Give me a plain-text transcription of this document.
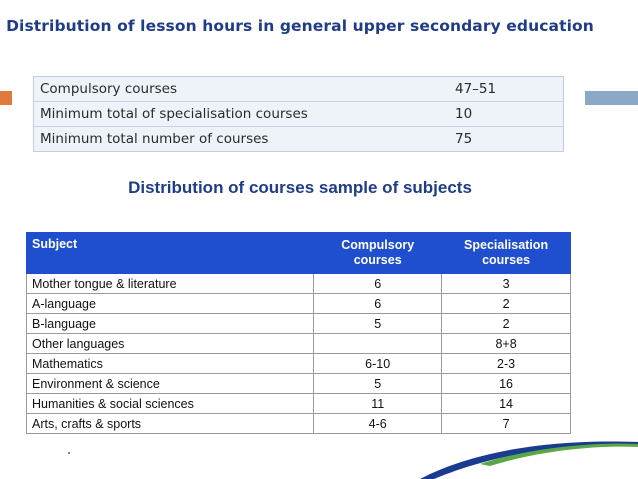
Distribution of lesson hours in general upper secondary education
Compulsory courses	47–51
Minimum total of specialisation courses	10
Minimum total number of courses	75
Distribution of courses sample of subjects
Subject	Compulsory courses	Specialisation courses
Mother tongue & literature	6	3
A-language	6	2
B-language	5	2
Other languages		8+8
Mathematics	6-10	2-3
Environment & science	5	16
Humanities & social sciences	11	14
Arts, crafts & sports	4-6	7
